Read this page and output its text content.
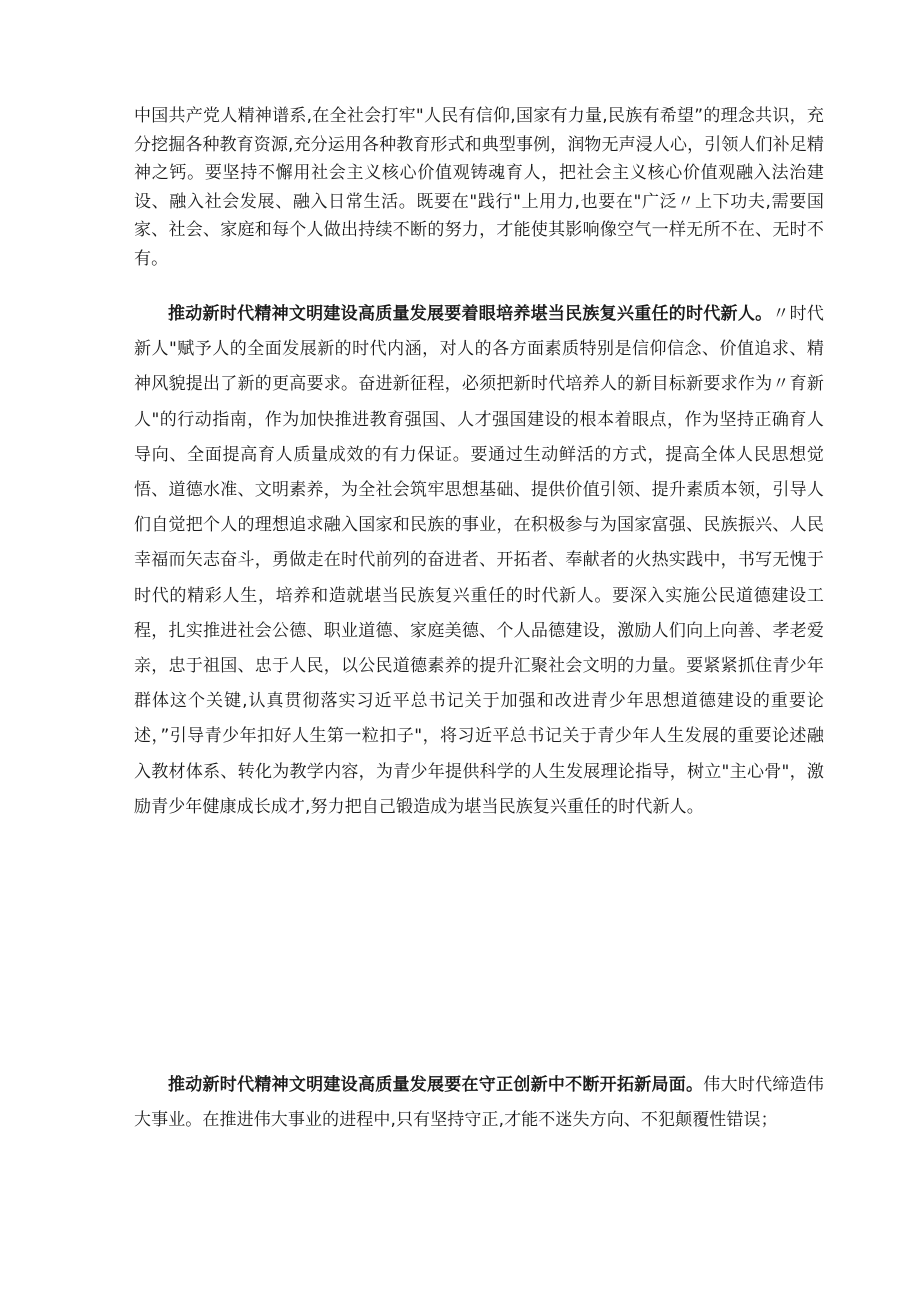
中国共产党人精神谱系,在全社会打牢"人民有信仰,国家有力量,民族有希望”的理念共识，充分挖掘各种教育资源,充分运用各种教育形式和典型事例，润物无声浸人心，引领人们补足精神之钙。要坚持不懈用社会主义核心价值观铸魂育人，把社会主义核心价值观融入法治建设、融入社会发展、融入日常生活。既要在"践行"上用力,也要在"广泛〃上下功夫,需要国家、社会、家庭和每个人做出持续不断的努力，才能使其影响像空气一样无所不在、无时不有。

推动新时代精神文明建设高质量发展要着眼培养堪当民族复兴重任的时代新人。〃时代新人"赋予人的全面发展新的时代内涵，对人的各方面素质特别是信仰信念、价值追求、精神风貌提出了新的更高要求。奋进新征程，必须把新时代培养人的新目标新要求作为〃育新人"的行动指南，作为加快推进教育强国、人才强国建设的根本着眼点，作为坚持正确育人导向、全面提高育人质量成效的有力保证。要通过生动鲜活的方式，提高全体人民思想觉悟、道德水准、文明素养，为全社会筑牢思想基础、提供价值引领、提升素质本领，引导人们自觉把个人的理想追求融入国家和民族的事业，在积极参与为国家富强、民族振兴、人民幸福而矢志奋斗，勇做走在时代前列的奋进者、开拓者、奉献者的火热实践中，书写无愧于时代的精彩人生，培养和造就堪当民族复兴重任的时代新人。要深入实施公民道德建设工程，扎实推进社会公德、职业道德、家庭美德、个人品德建设，激励人们向上向善、孝老爱亲，忠于祖国、忠于人民，以公民道德素养的提升汇聚社会文明的力量。要紧紧抓住青少年群体这个关键,认真贯彻落实习近平总书记关于加强和改进青少年思想道德建设的重要论述，”引导青少年扣好人生第一粒扣子"，将习近平总书记关于青少年人生发展的重要论述融入教材体系、转化为教学内容，为青少年提供科学的人生发展理论指导，树立"主心骨"，激励青少年健康成长成才,努力把自己锻造成为堪当民族复兴重任的时代新人。

推动新时代精神文明建设高质量发展要在守正创新中不断开拓新局面。伟大时代缔造伟大事业。在推进伟大事业的进程中,只有坚持守正,才能不迷失方向、不犯颠覆性错误；
